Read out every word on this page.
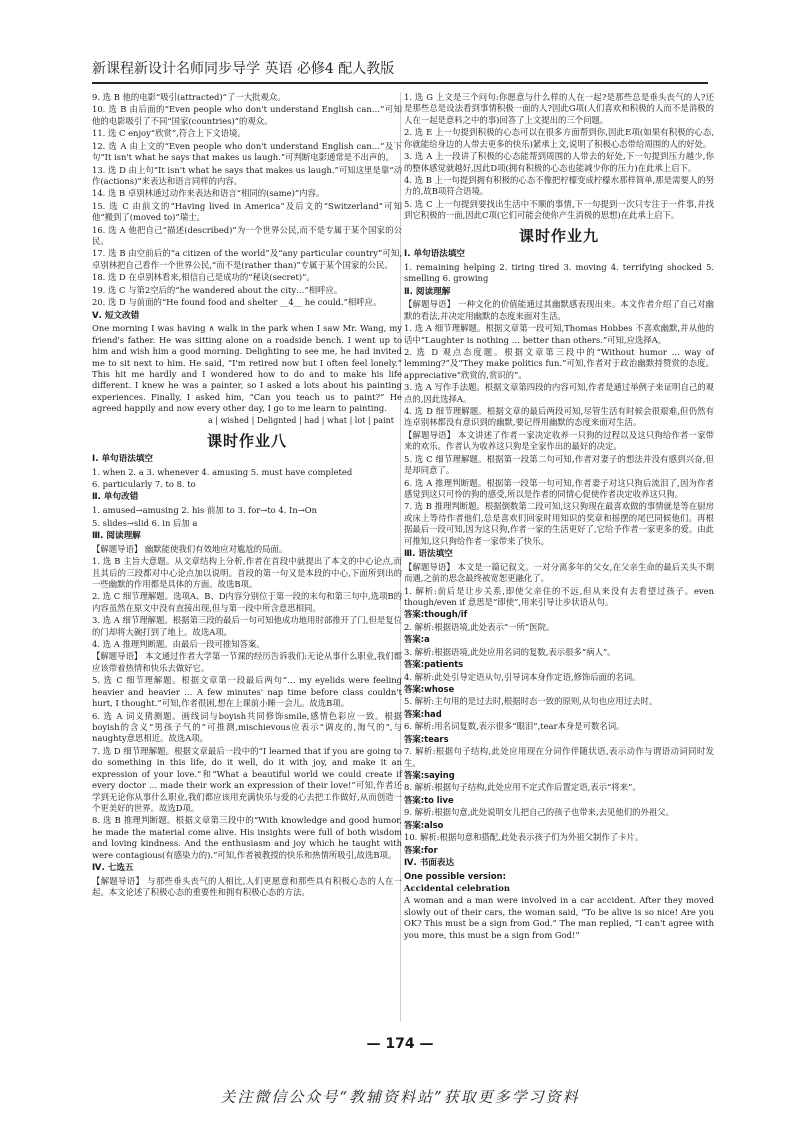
新课程新设计名师同步导学 英语 必修4 配人教版

9. 选 B 他的电影“吸引(attracted)”了一大批观众。

10. 选 B 由后面的“Even people who don't understand English can…”可知他的电影吸引了不同“国家(countries)”的观众。

11. 选 C enjoy“欣赏”,符合上下文语境。

12. 选 A 由上文的“Even people who don't understand English can…”及下句“It isn't what he says that makes us laugh.”可判断电影通常是不出声的。

13. 选 D 由上句“It isn't what he says that makes us laugh.”可知这里是靠“动作(actions)”来表达和语言同样的内容。

14. 选 B 卓别林通过动作来表达和语言“相同的(same)”内容。

15. 选 C 由前文的“Having lived in America”及后文的“Switzerland”可知他“搬到了(moved to)”瑞士。

16. 选 A 他把自己“描述(described)”为一个世界公民,而不是专属于某个国家的公民。

17. 选 B 由空前后的“a citizen of the world”及“any particular country”可知,卓别林把自己看作一个世界公民,“而不是(rather than)”专属于某个国家的公民。

18. 选 D 在卓别林看来,相信自己是成功的“秘诀(secret)”。

19. 选 C 与第2空后的“he wandered about the city…”相呼应。

20. 选 D 与前面的“He found food and shelter __4__ he could.”相呼应。

Ⅴ. 短文改错

One morning I was having ∧ walk in the park when I saw Mr. Wang, my friend's father. He was sitting alone on a roadside bench. I went up to him and wish him a good morning. Delighting to see me, he had invited me to sit next to him. He said, “I'm retired now but I often feel lonely.” This hit me hardly and I wondered how to do and to make his life different. I knew he was a painter, so I asked a lots about his painting experiences. Finally, I asked him, “Can you teach us to paint?” He agreed happily and now every other day, I go to me learn to painting.

a | wished | Delignted | had | what | lot | paint

课时作业八
Ⅰ. 单句语法填空

1. when 2. a 3. whenever 4. amusing 5. must have completed

6. particularly 7. to 8. to

Ⅱ. 单句改错

1. amused→amusing 2. his 前加 to 3. for→to 4. In→On

5. slides→slid 6. in 后加 a

Ⅲ. 阅读理解

【解题导语】 幽默能使我们有效地应对尴尬的局面。

1. 选 B 主旨大意题。从文章结构上分析,作者在首段中就提出了本文的中心论点,而且其后的三段都对中心论点加以说明。首段的第一句又是本段的中心,下面所到出的一些幽默的作用都是具体的方面。故选B项。

2. 选 C 细节理解题。选项A、B、D内容分别位于第一段的末句和第三句中,选项B的内容虽然在原文中没有直接出现,但与第一段中所含意思相同。

3. 选 A 细节理解题。根据第三段的最后一句可知他成功地用肘部推开了门,但是复位的门却将大碗打到了地上。故选A项。

4. 选 A 推理判断题。由最后一段可推知答案。

【解题导语】 本文通过作者大学第一节课的经历告诉我们:无论从事什么职业,我们都应该带着热情和快乐去做好它。

5. 选 C 细节理解题。根据文章第一段最后两句“… my eyelids were feeling heavier and heavier … A few minutes' nap time before class couldn't hurt, I thought.”可知,作者很困,想在上课前小睡一会儿。故选B项。

6. 选 A 词义猜测题。画线词与boyish共同修饰smile,感情色彩应一致。根据boyish的含义“男孩子气的”可推测,mischievous应表示“调皮的,淘气的”,与naughty意思相近。故选A项。

7. 选 D 细节理解题。根据文章最后一段中的“I learned that if you are going to do something in this life, do it well, do it with joy, and make it an expression of your love.”和“What a beautiful world we could create if every doctor … made their work an expression of their love!”可知,作者还学到无论你从事什么职业,我们都应该用充满快乐与爱的心去把工作做好,从而创造一个更美好的世界。故选D项。

8. 选 B 推理判断题。根据文章第三段中的“With knowledge and good humor, he made the material come alive. His insights were full of both wisdom and loving kindness. And the enthusiasm and joy which he taught with were contagious(有感染力的).”可知,作者被教授的快乐和热情所吸引,故选B项。

Ⅳ. 七选五

【解题导语】 与那些垂头丧气的人相比,人们更愿意和那些具有积极心态的人在一起。本文论述了积极心态的重要性和拥有积极心态的方法。

1. 选 G 上文是三个问句:你愿意与什么样的人在一起?是那些总是垂头丧气的人?还是那些总是设法看到事情积极一面的人?因此G项(人们喜欢和积极的人而不是消极的人在一起是意料之中的事)回答了上文提出的三个问题。

2. 选 E 上一句提到积极的心态可以在很多方面帮到你,因此E项(如果有积极的心态,你就能给身边的人带去更多的快乐)紧承上文,说明了积极心态带给周围的人的好处。

3. 选 A 上一段讲了积极的心态能帮到周围的人带去的好处,下一句提到压力越少,你的整体感觉就越好,因此D项(拥有积极的心态也能减少你的压力)在此承上启下。

4. 选 B 上一句提到拥有积极的心态不像把柠檬变成柠檬水那样简单,那是需要人的努力的,故B项符合语境。

5. 选 C 上一句提到要找出生活中不顺的事情,下一句提到一次只专注于一件事,并找到它积极的一面,因此C项(它们可能会使你产生消极的思想)在此承上启下。

课时作业九
Ⅰ. 单句语法填空

1. remaining helping 2. tiring tired 3. moving 4. terrifying shocked 5. smelling 6. growing

Ⅱ. 阅读理解

【解题导语】 一种文化的价值能通过其幽默感表现出来。本文作者介绍了自己对幽默的看法,并决定用幽默的态度来面对生活。

1. 选 A 细节理解题。根据文章第一段可知,Thomas Hobbes 不喜欢幽默,并从他的话中“Laughter is nothing … better than others.”可知,应选择A。

2. 选 D 观点态度题。根据文章第三段中的“Without humor … way of lemming?”及“They make politics fun.”可知,作者对于政治幽默持赞赏的态度。appreciative“欣赏的,赏识的”。

3. 选 A 写作手法题。根据文章第四段的内容可知,作者是通过举例子来证明自己的观点的,因此选择A。

4. 选 D 细节理解题。根据文章的最后两段可知,尽管生活有时候会很艰难,但仍然有连卓别林都没有意识到的幽默,要记得用幽默的态度来面对生活。

【解题导语】 本文讲述了作者一家决定收养一只狗的过程以及这只狗给作者一家带来的欢乐。作者认为收养这只狗是全家作出的最好的决定。

5. 选 C 细节理解题。根据第一段第二句可知,作者对妻子的想法并没有感到兴奋,但是却同意了。

6. 选 A 推理判断题。根据第一段第一句可知,作者妻子对这只狗后流泪了,因为作者感觉到这只可怜的狗的感受,所以是作者的同情心促使作者决定收养这只狗。

7. 选 B 推理判断题。根据倒数第二段可知,这只狗现在最喜欢做的事情就是等在厨房或床上等待作者他们,总是喜欢们回家时用知识的奖章和摇摆的尾巴同候他们。再根据最后一段可知,因为这只狗,作者一家的生活更好了,它给予作者一家更多的爱。由此可推知,这只狗给作者一家带来了快乐。

Ⅲ. 语法填空

【解题导语】 本文是一篇记叙文。一对分离多年的父女,在父亲生命的最后关头不期而遇,之前的思念最终被宽恕更融化了。

1. 解析:前后是让步关系,即使父亲住的不远,但从来没有去看望过孩子。even though/even if 意思是“即使”,用来引导让步状语从句。

答案:though/if

2. 解析:根据语境,此处表示“一所”医院。

答案:a

3. 解析:根据语境,此处应用名词的复数,表示很多“病人”。

答案:patients

4. 解析:此处引导定语从句,引导词本身作定语,修饰后面的名词。

答案:whose

5. 解析:主句用的是过去时,根据时态一致的原则,从句也应用过去时。

答案:had

6. 解析:用名词复数,表示很多“眼泪”,tear本身是可数名词。

答案:tears

7. 解析:根据句子结构,此处应用现在分词作伴随状语,表示动作与谓语动词同时发生。

答案:saying

8. 解析:根据句子结构,此处应用不定式作后置定语,表示“将来”。

答案:to live

9. 解析:根据句意,此处说明女儿把自己的孩子也带来,去见他们的外祖父。

答案:also

10. 解析:根据句意和搭配,此处表示孩子们为外祖父制作了卡片。

答案:for

Ⅳ. 书面表达

One possible version:

Accidental celebration

A woman and a man were involved in a car accident. After they moved slowly out of their cars, the woman said, “To be alive is so nice! Are you OK? This must be a sign from God.” The man replied, “I can't agree with you more, this must be a sign from God!”

— 174 —
关注微信公众号“教辅资料站”获取更多学习资料
